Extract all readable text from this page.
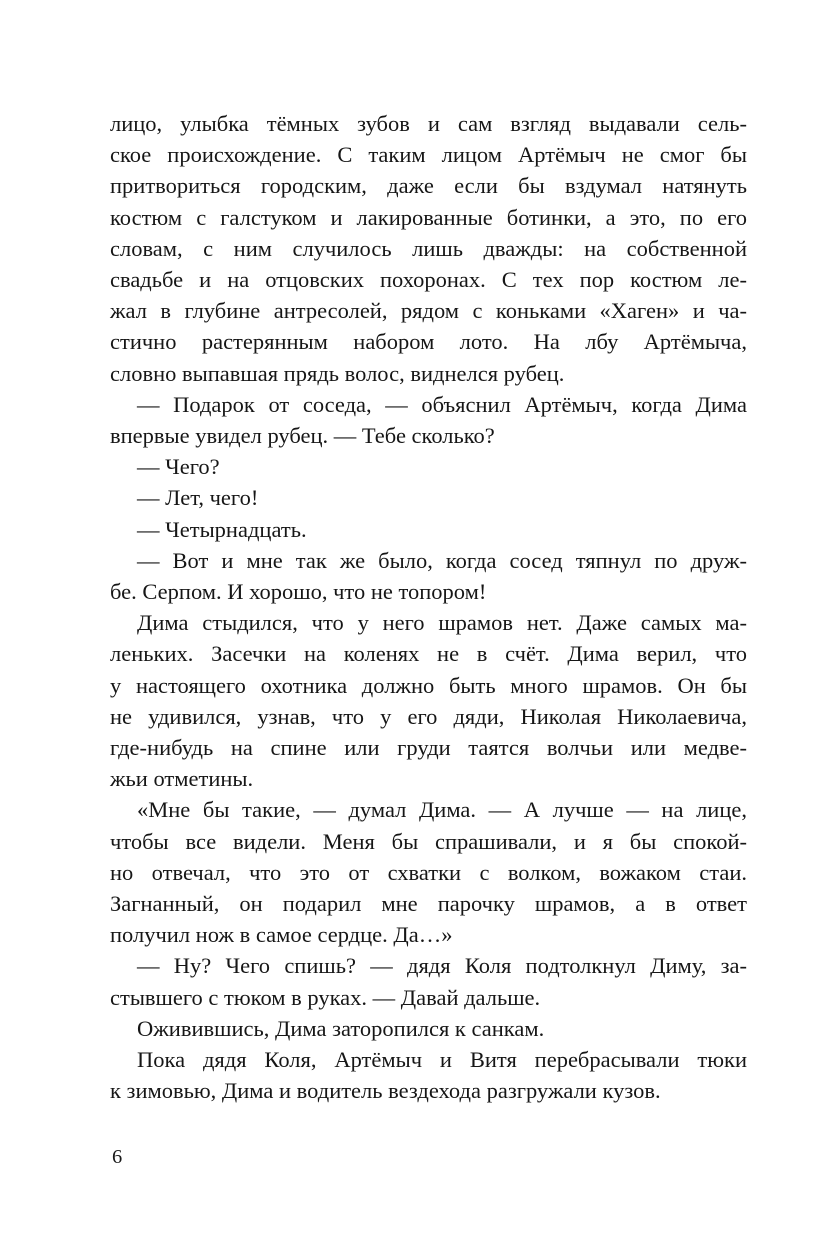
лицо, улыбка тёмных зубов и сам взгляд выдавали сель-
ское происхождение. С таким лицом Артёмыч не смог бы
притвориться городским, даже если бы вздумал натянуть
костюм с галстуком и лакированные ботинки, а это, по его
словам, с ним случилось лишь дважды: на собственной
свадьбе и на отцовских похоронах. С тех пор костюм ле-
жал в глубине антресолей, рядом с коньками «Хаген» и ча-
стично растерянным набором лото. На лбу Артёмыча,
словно выпавшая прядь волос, виднелся рубец.
— Подарок от соседа, — объяснил Артёмыч, когда Дима
впервые увидел рубец. — Тебе сколько?
— Чего?
— Лет, чего!
— Четырнадцать.
— Вот и мне так же было, когда сосед тяпнул по друж-
бе. Серпом. И хорошо, что не топором!
Дима стыдился, что у него шрамов нет. Даже самых ма-
леньких. Засечки на коленях не в счёт. Дима верил, что
у настоящего охотника должно быть много шрамов. Он бы
не удивился, узнав, что у его дяди, Николая Николаевича,
где-нибудь на спине или груди таятся волчьи или медве-
жьи отметины.
«Мне бы такие, — думал Дима. — А лучше — на лице,
чтобы все видели. Меня бы спрашивали, и я бы спокой-
но отвечал, что это от схватки с волком, вожаком стаи.
Загнанный, он подарил мне парочку шрамов, а в ответ
получил нож в самое сердце. Да…»
— Ну? Чего спишь? — дядя Коля подтолкнул Диму, за-
стывшего с тюком в руках. — Давай дальше.
Оживившись, Дима заторопился к санкам.
Пока дядя Коля, Артёмыч и Витя перебрасывали тюки
к зимовью, Дима и водитель вездехода разгружали кузов.
6
